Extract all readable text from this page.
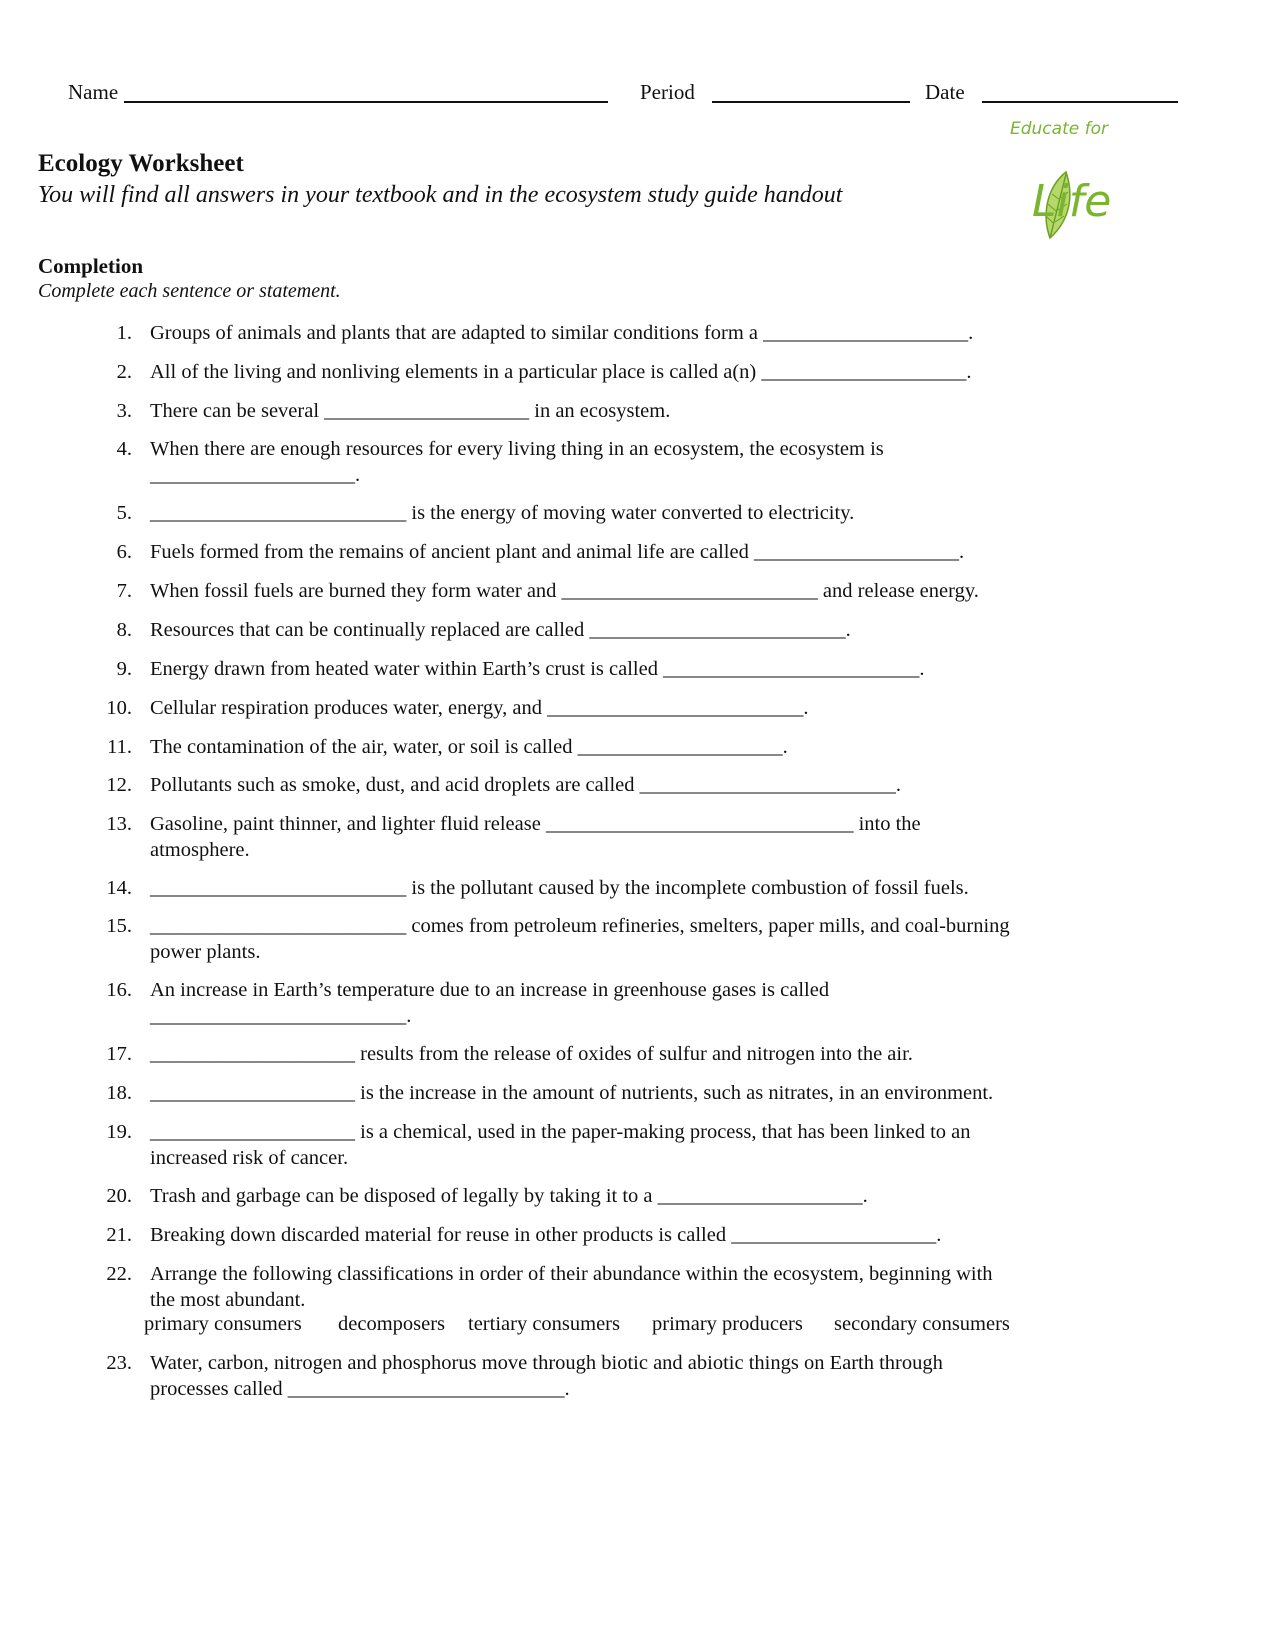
Name	Period	Date
Educate for
Life
Ecology Worksheet
You will find all answers in your textbook and in the ecosystem study guide handout
Completion
Complete each sentence or statement.
1. Groups of animals and plants that are adapted to similar conditions form a ____________________.
2. All of the living and nonliving elements in a particular place is called a(n) ____________________.
3. There can be several ____________________ in an ecosystem.
4. When there are enough resources for every living thing in an ecosystem, the ecosystem is
____________________.
5. _________________________ is the energy of moving water converted to electricity.
6. Fuels formed from the remains of ancient plant and animal life are called ____________________.
7. When fossil fuels are burned they form water and _________________________ and release energy.
8. Resources that can be continually replaced are called _________________________.
9. Energy drawn from heated water within Earth’s crust is called _________________________.
10. Cellular respiration produces water, energy, and _________________________.
11. The contamination of the air, water, or soil is called ____________________.
12. Pollutants such as smoke, dust, and acid droplets are called _________________________.
13. Gasoline, paint thinner, and lighter fluid release ______________________________ into the
atmosphere.
14. _________________________ is the pollutant caused by the incomplete combustion of fossil fuels.
15. _________________________ comes from petroleum refineries, smelters, paper mills, and coal-burning
power plants.
16. An increase in Earth’s temperature due to an increase in greenhouse gases is called
_________________________.
17. ____________________ results from the release of oxides of sulfur and nitrogen into the air.
18. ____________________ is the increase in the amount of nutrients, such as nitrates, in an environment.
19. ____________________ is a chemical, used in the paper-making process, that has been linked to an
increased risk of cancer.
20. Trash and garbage can be disposed of legally by taking it to a ____________________.
21. Breaking down discarded material for reuse in other products is called ____________________.
22. Arrange the following classifications in order of their abundance within the ecosystem, beginning with
the most abundant.
primary consumers decomposers tertiary consumers primary producers secondary consumers
23. Water, carbon, nitrogen and phosphorus move through biotic and abiotic things on Earth through
processes called ___________________________.
